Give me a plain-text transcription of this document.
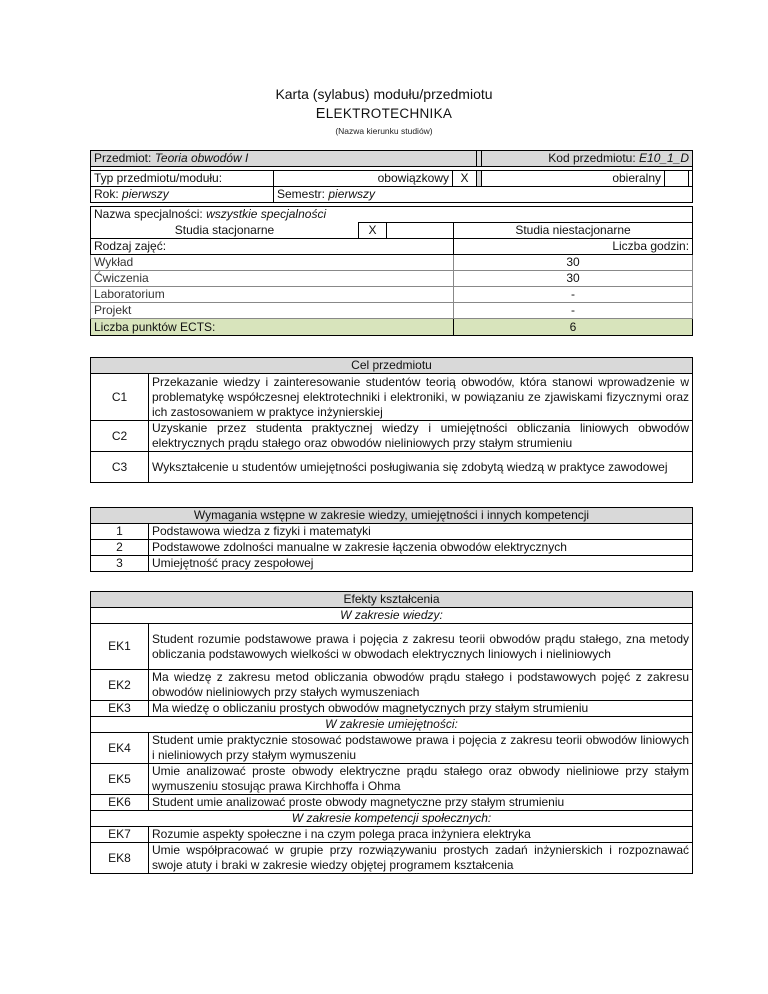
Karta (sylabus) modułu/przedmiotu
ELEKTROTECHNIKA
(Nazwa kierunku studiów)
Przedmiot: Teoria obwodów I				Kod przedmiotu: E10_1_D		

Typ przedmiotu/modułu:	obowiązkowy	X		obieralny		
Rok: pierwszy	Semestr: pierwszy					
Nazwa specjalności: wszystkie specjalności			
Studia stacjonarne	X		Studia niestacjonarne
Rodzaj zajęć:			Liczba godzin:
Wykład			30
Ćwiczenia			30
Laboratorium			-
Projekt			-
Liczba punktów ECTS:			6
Cel przedmiotu	
C1	Przekazanie wiedzy i zainteresowanie studentów teorią obwodów, która stanowi wprowadzenie w problematykę współczesnej elektrotechniki i elektroniki, w powiązaniu ze zjawiskami fizycznymi oraz ich zastosowaniem w praktyce inżynierskiej
C2	Uzyskanie przez studenta praktycznej wiedzy i umiejętności obliczania liniowych obwodów elektrycznych prądu stałego oraz obwodów nieliniowych przy stałym strumieniu
C3	Wykształcenie u studentów umiejętności posługiwania się zdobytą wiedzą w praktyce zawodowej
Wymagania wstępne w zakresie wiedzy, umiejętności i innych kompetencji	
1	Podstawowa wiedza z fizyki i matematyki
2	Podstawowe zdolności manualne w zakresie łączenia obwodów elektrycznych
3	Umiejętność pracy zespołowej
Efekty kształcenia	
W zakresie wiedzy:	
EK1	Student rozumie podstawowe prawa i pojęcia z zakresu teorii obwodów prądu stałego, zna metody obliczania podstawowych wielkości w obwodach elektrycznych liniowych i nieliniowych
EK2	Ma wiedzę z zakresu metod obliczania obwodów prądu stałego i podstawowych pojęć z zakresu obwodów nieliniowych przy stałych wymuszeniach
EK3	Ma wiedzę o obliczaniu prostych obwodów magnetycznych przy stałym strumieniu
W zakresie umiejętności:	
EK4	Student umie praktycznie stosować podstawowe prawa i pojęcia z zakresu teorii obwodów liniowych i nieliniowych przy stałym wymuszeniu
EK5	Umie analizować proste obwody elektryczne prądu stałego oraz obwody nieliniowe przy stałym wymuszeniu stosując prawa Kirchhoffa i Ohma
EK6	Student umie analizować proste obwody magnetyczne przy stałym strumieniu
W zakresie kompetencji społecznych:	
EK7	Rozumie aspekty społeczne i na czym polega praca inżyniera elektryka
EK8	Umie współpracować w grupie przy rozwiązywaniu prostych zadań inżynierskich i rozpoznawać swoje atuty i braki w zakresie wiedzy objętej programem kształcenia
